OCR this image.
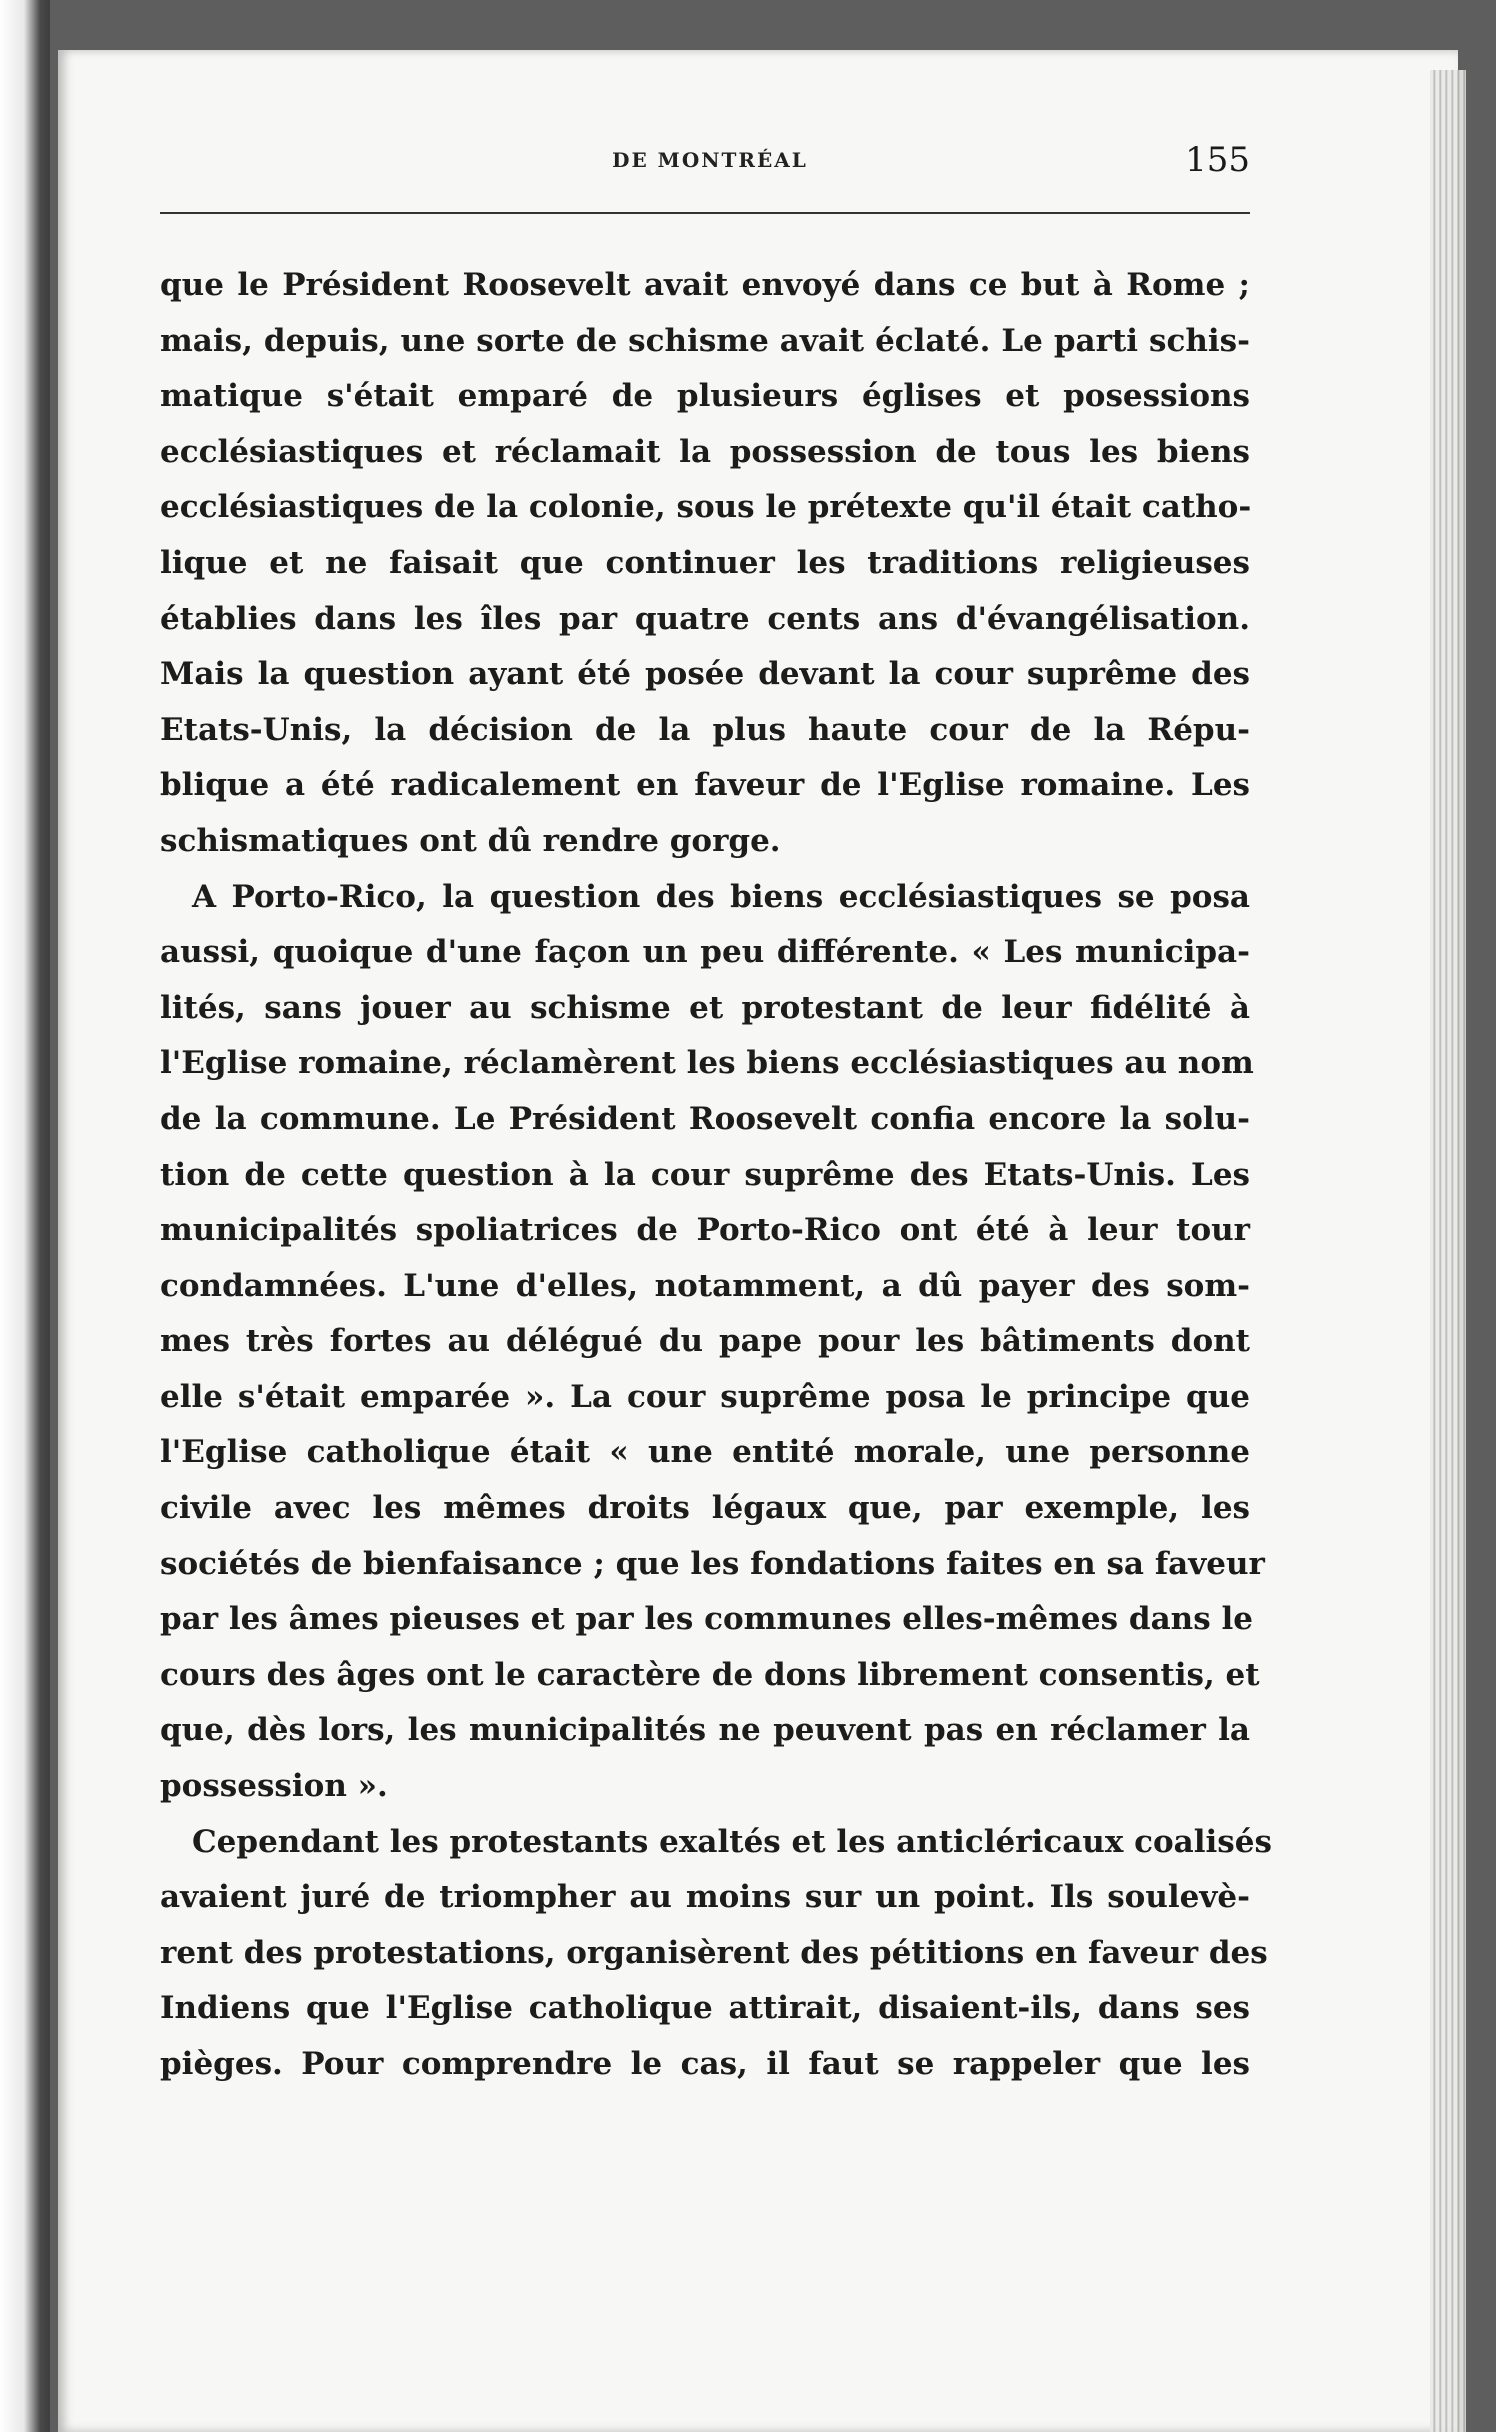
DE MONTRÉAL	155
que le Président Roosevelt avait envoyé dans ce but à Rome ;
mais, depuis, une sorte de schisme avait éclaté. Le parti schis-
matique s'était emparé de plusieurs églises et posessions
ecclésiastiques et réclamait la possession de tous les biens
ecclésiastiques de la colonie, sous le prétexte qu'il était catho-
lique et ne faisait que continuer les traditions religieuses
établies dans les îles par quatre cents ans d'évangélisation.
Mais la question ayant été posée devant la cour suprême des
Etats-Unis, la décision de la plus haute cour de la Répu-
blique a été radicalement en faveur de l'Eglise romaine. Les
schismatiques ont dû rendre gorge.
A Porto-Rico, la question des biens ecclésiastiques se posa
aussi, quoique d'une façon un peu différente. « Les municipa-
lités, sans jouer au schisme et protestant de leur fidélité à
l'Eglise romaine, réclamèrent les biens ecclésiastiques au nom
de la commune. Le Président Roosevelt confia encore la solu-
tion de cette question à la cour suprême des Etats-Unis. Les
municipalités spoliatrices de Porto-Rico ont été à leur tour
condamnées. L'une d'elles, notamment, a dû payer des som-
mes très fortes au délégué du pape pour les bâtiments dont
elle s'était emparée ». La cour suprême posa le principe que
l'Eglise catholique était « une entité morale, une personne
civile avec les mêmes droits légaux que, par exemple, les
sociétés de bienfaisance ; que les fondations faites en sa faveur
par les âmes pieuses et par les communes elles-mêmes dans le
cours des âges ont le caractère de dons librement consentis, et
que, dès lors, les municipalités ne peuvent pas en réclamer la
possession ».
Cependant les protestants exaltés et les anticléricaux coalisés
avaient juré de triompher au moins sur un point. Ils soulevè-
rent des protestations, organisèrent des pétitions en faveur des
Indiens que l'Eglise catholique attirait, disaient-ils, dans ses
pièges. Pour comprendre le cas, il faut se rappeler que les
